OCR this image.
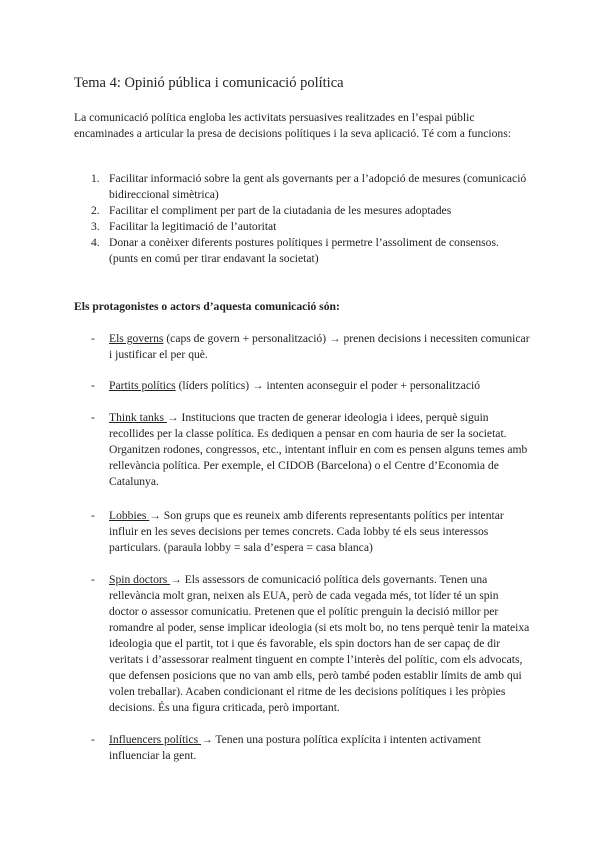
Tema 4: Opinió pública i comunicació política
La comunicació política engloba les activitats persuasives realitzades en l’espai públic encaminades a articular la presa de decisions polítiques i la seva aplicació. Té com a funcions:
1. Facilitar informació sobre la gent als governants per a l’adopció de mesures (comunicació bidireccional simètrica)
2. Facilitar el compliment per part de la ciutadania de les mesures adoptades
3. Facilitar la legitimació de l’autoritat
4. Donar a conèixer diferents postures polítiques i permetre l’assoliment de consensos. (punts en comú per tirar endavant la societat)
Els protagonistes o actors d’aquesta comunicació són:
- Els governs (caps de govern + personalització) → prenen decisions i necessiten comunicar i justificar el per què.
- Partits polítics (líders polítics) → intenten aconseguir el poder + personalització
- Think tanks → Institucions que tracten de generar ideologia i idees, perquè siguin recollides per la classe política. Es dediquen a pensar en com hauria de ser la societat. Organitzen rodones, congressos, etc., intentant influir en com es pensen alguns temes amb rellevància política. Per exemple, el CIDOB (Barcelona) o el Centre d’Economia de Catalunya.
- Lobbies → Son grups que es reuneix amb diferents representants polítics per intentar influir en les seves decisions per temes concrets. Cada lobby té els seus interessos particulars. (paraula lobby = sala d’espera = casa blanca)
- Spin doctors → Els assessors de comunicació política dels governants. Tenen una rellevància molt gran, neixen als EUA, però de cada vegada més, tot líder té un spin doctor o assessor comunicatiu. Pretenen que el polític prenguin la decisió millor per romandre al poder, sense implicar ideologia (si ets molt bo, no tens perquè tenir la mateixa ideologia que el partit, tot i que és favorable, els spin doctors han de ser capaç de dir veritats i d’assessorar realment tinguent en compte l’interès del polític, com els advocats, que defensen posicions que no van amb ells, però també poden establir límits de amb qui volen treballar). Acaben condicionant el ritme de les decisions polítiques i les pròpies decisions. És una figura criticada, però important.
- Influencers polítics → Tenen una postura política explícita i intenten activament influenciar la gent.
